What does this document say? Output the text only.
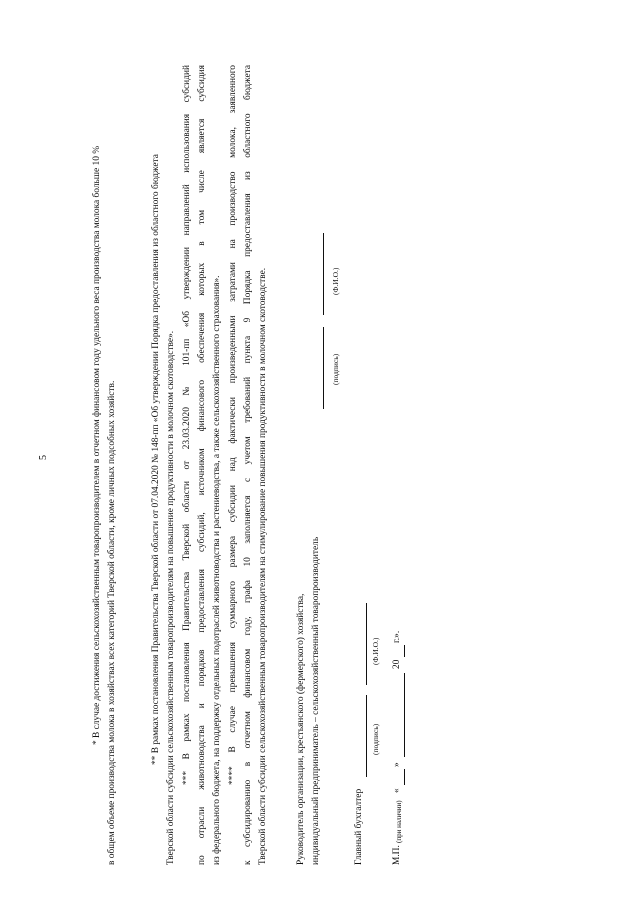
5	* В случае достижения сельскохозяйственным товаропроизводителем в отчетном финансовом году удельного веса производства молока больше 10 % в общем объеме производства молока в хозяйствах всех категорий Тверской области, кроме личных подсобных хозяйств.	** В рамках постановления Правительства Тверской области от 07.04.2020 № 148-пп «Об утверждении Порядка предоставления из областного бюджета Тверской области субсидии сельскохозяйственным товаропроизводителям на повышение продуктивности в молочном скотоводстве». *** В рамках постановления Правительства Тверской области от 23.03.2020 № 101-пп «Об утверждении направлений использования субсидий по отрасли животноводства и порядков предоставления субсидий, источником финансового обеспечения которых в том числе является субсидия из федерального бюджета, на поддержку отдельных подотраслей животноводства и растениеводства, а также сельскохозяйственного страхования». **** В случае превышения суммарного размера субсидии над фактически произведенными затратами на производство молока, заявленного к субсидированию в отчетном финансовом году, графа 10 заполняется с учетом требований пункта 9 Порядка предоставления из областного бюджета Тверской области субсидии сельскохозяйственным товаропроизводителям на стимулирование повышения продуктивности в молочном скотоводстве.	Руководитель организации, крестьянского (фермерского) хозяйства, индивидуальный предприниматель – сельскохозяйственный товаропроизводитель
(подпись)
(Ф.И.О.)
Главный бухгалтер
(подпись)
(Ф.И.О.)
М.П.
(при наличии)
«
»
20
г.».
